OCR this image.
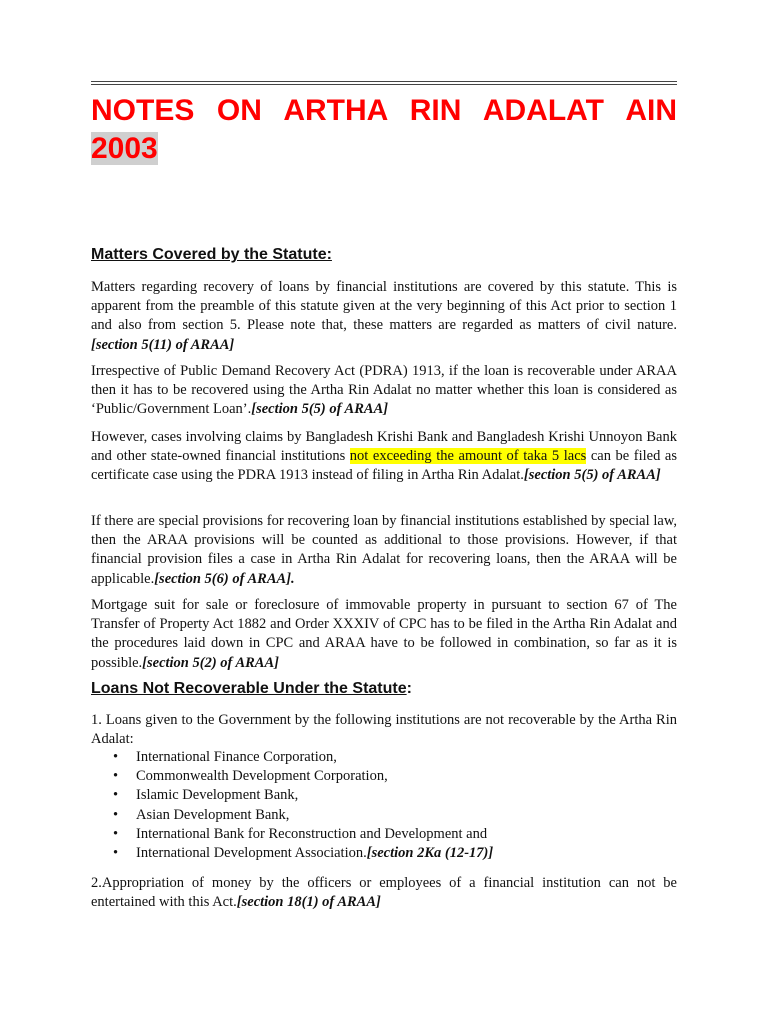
NOTES ON ARTHA RIN ADALAT AIN
2003
Matters Covered by the Statute:

Matters regarding recovery of loans by financial institutions are covered by this statute. This is apparent from the preamble of this statute given at the very beginning of this Act prior to section 1 and also from section 5. Please note that, these matters are regarded as matters of civil nature. [section 5(11) of ARAA]

Irrespective of Public Demand Recovery Act (PDRA) 1913, if the loan is recoverable under ARAA then it has to be recovered using the Artha Rin Adalat no matter whether this loan is considered as ‘Public/Government Loan’.[section 5(5) of ARAA]

However, cases involving claims by Bangladesh Krishi Bank and Bangladesh Krishi Unnoyon Bank and other state-owned financial institutions not exceeding the amount of taka 5 lacs can be filed as certificate case using the PDRA 1913 instead of filing in Artha Rin Adalat.[section 5(5) of ARAA]

If there are special provisions for recovering loan by financial institutions established by special law, then the ARAA provisions will be counted as additional to those provisions. However, if that financial provision files a case in Artha Rin Adalat for recovering loans, then the ARAA will be applicable.[section 5(6) of ARAA].

Mortgage suit for sale or foreclosure of immovable property in pursuant to section 67 of The Transfer of Property Act 1882 and Order XXXIV of CPC has to be filed in the Artha Rin Adalat and the procedures laid down in CPC and ARAA have to be followed in combination, so far as it is possible.[section 5(2) of ARAA]

Loans Not Recoverable Under the Statute:

1. Loans given to the Government by the following institutions are not recoverable by the Artha Rin Adalat:

• International Finance Corporation,
• Commonwealth Development Corporation,
• Islamic Development Bank,
• Asian Development Bank,
• International Bank for Reconstruction and Development and
• International Development Association.[section 2Ka (12-17)]

2.Appropriation of money by the officers or employees of a financial institution can not be entertained with this Act.[section 18(1) of ARAA]
